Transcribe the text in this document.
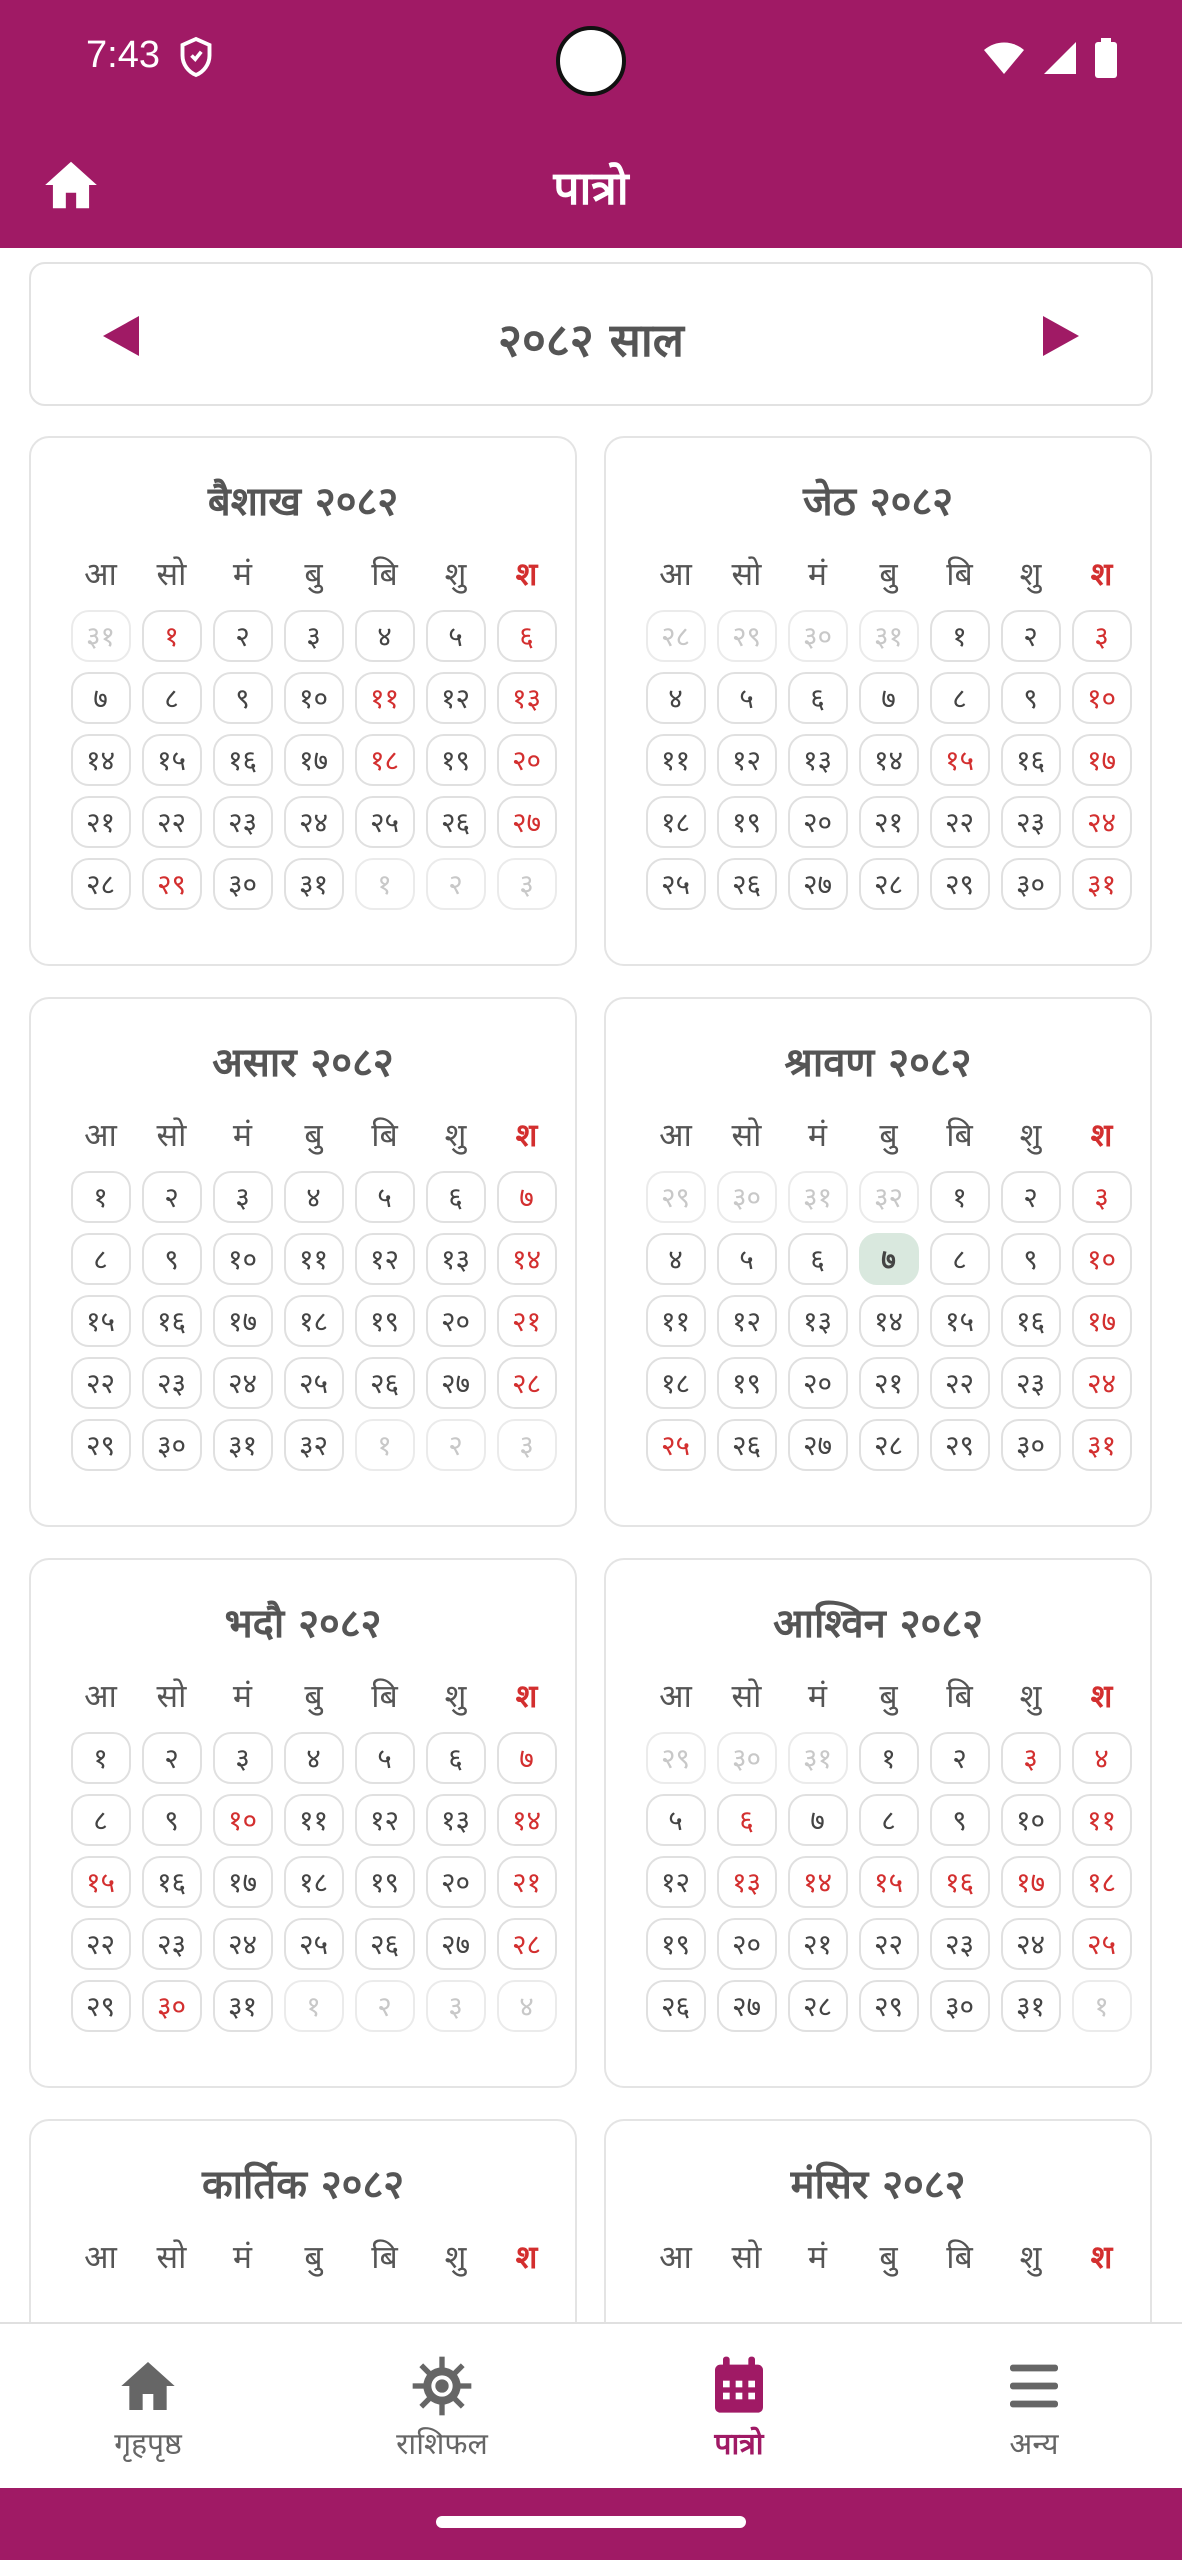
7:43
पात्रो
२०८२ साल
बैशाख २०८२
आ	सो	मं	बु	बि	शु	श
३१	१	२	३	४	५	६
७	८	९	१०	११	१२	१३
१४	१५	१६	१७	१८	१९	२०
२१	२२	२३	२४	२५	२६	२७
२८	२९	३०	३१	१	२	३
जेठ २०८२
आ	सो	मं	बु	बि	शु	श
२८	२९	३०	३१	१	२	३
४	५	६	७	८	९	१०
११	१२	१३	१४	१५	१६	१७
१८	१९	२०	२१	२२	२३	२४
२५	२६	२७	२८	२९	३०	३१
असार २०८२
आ	सो	मं	बु	बि	शु	श
१	२	३	४	५	६	७
८	९	१०	११	१२	१३	१४
१५	१६	१७	१८	१९	२०	२१
२२	२३	२४	२५	२६	२७	२८
२९	३०	३१	३२	१	२	३
श्रावण २०८२
आ	सो	मं	बु	बि	शु	श
२९	३०	३१	३२	१	२	३
४	५	६	७	८	९	१०
११	१२	१३	१४	१५	१६	१७
१८	१९	२०	२१	२२	२३	२४
२५	२६	२७	२८	२९	३०	३१
भदौ २०८२
आ	सो	मं	बु	बि	शु	श
१	२	३	४	५	६	७
८	९	१०	११	१२	१३	१४
१५	१६	१७	१८	१९	२०	२१
२२	२३	२४	२५	२६	२७	२८
२९	३०	३१	१	२	३	४
आश्विन २०८२
आ	सो	मं	बु	बि	शु	श
२९	३०	३१	१	२	३	४
५	६	७	८	९	१०	११
१२	१३	१४	१५	१६	१७	१८
१९	२०	२१	२२	२३	२४	२५
२६	२७	२८	२९	३०	३१	१
कार्तिक २०८२
आ	सो	मं	बु	बि	शु	श
मंसिर २०८२
आ	सो	मं	बु	बि	शु	श
गृहपृष्ठ	राशिफल	पात्रो	अन्य
